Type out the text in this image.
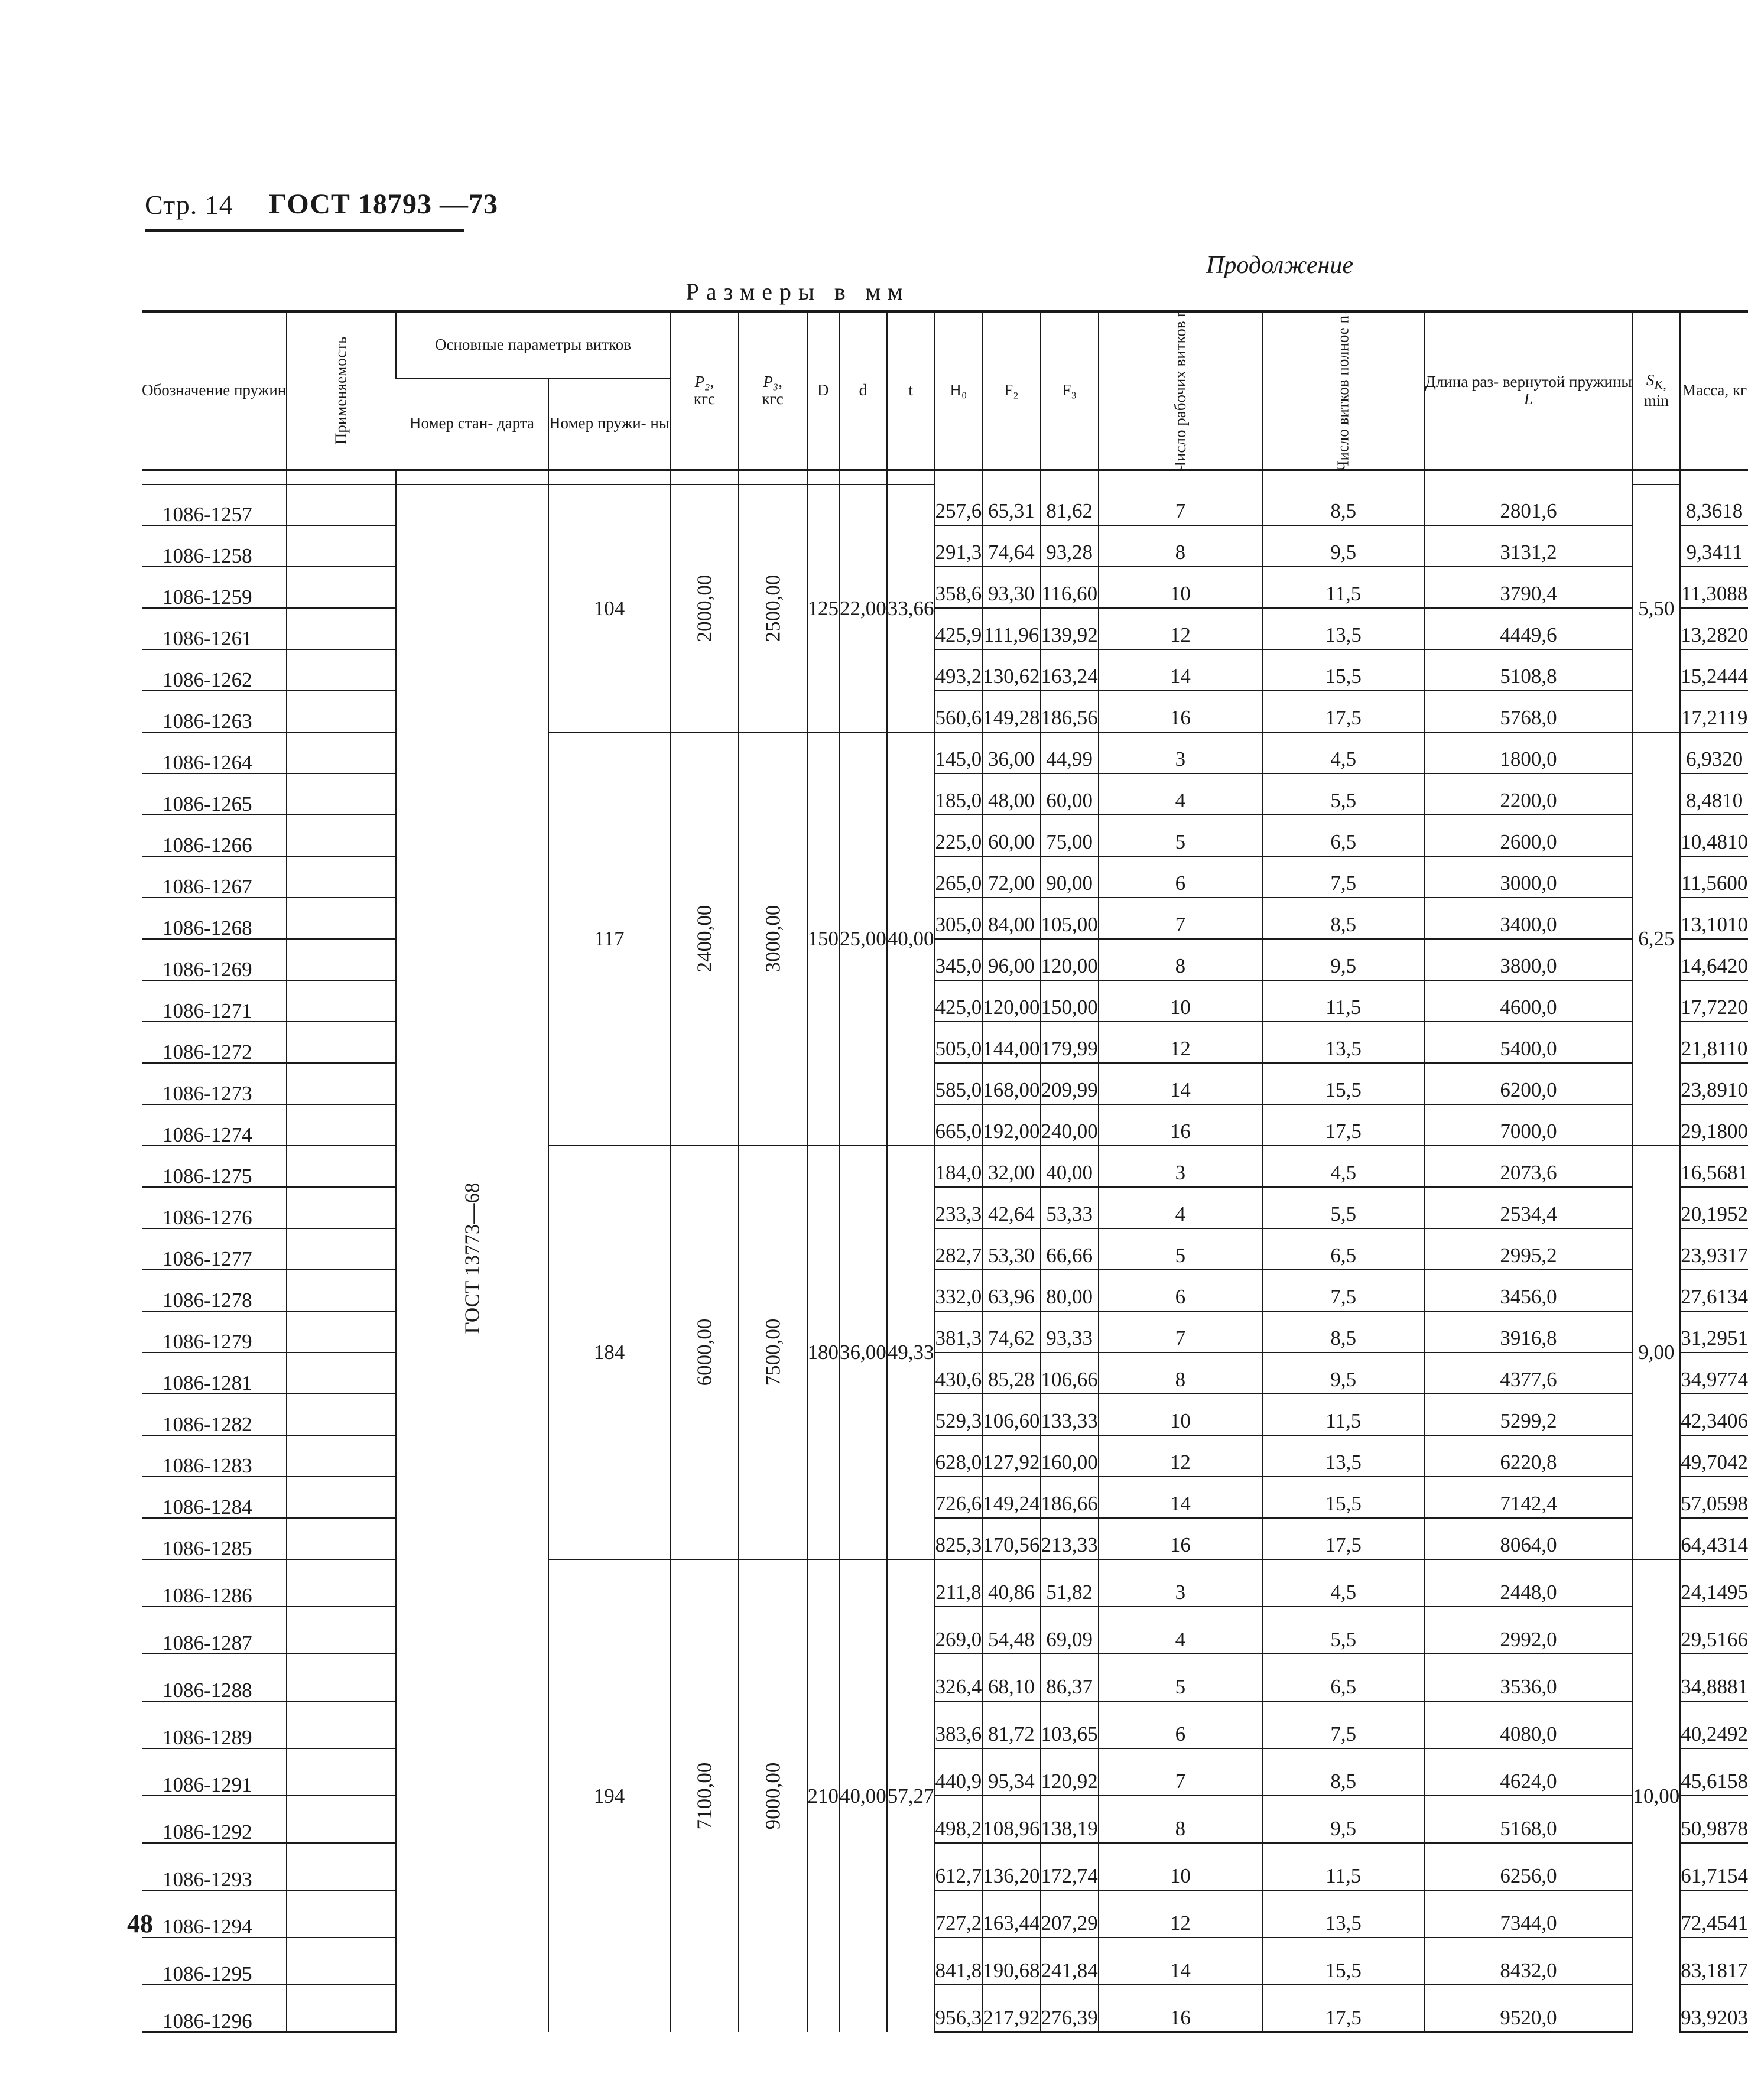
Стр. 14 ГОСТ 18793 —73
Продолжение
Размеры в мм
Обозначение пружин	Применяемость	Основные параметры витков		P₂,
кгс	P₃,
кгс	D	d	t	H₀	F₂	F₃	Число рабочих витков n	Число витков полное n₁	Длина раз- вернутой пружины
L	$S_{К,}$
min	Масса, кг
		Номер стан- дарта	Номер пружи- ны													

1086-1257		ГОСТ 13773—68	104	2000,00	2500,00	125	22,00	33,66	257,6	65,31	81,62	7	8,5	2801,6	5,50	8,3618
1086-1258									291,3	74,64	93,28	8	9,5	3131,2		9,3411
1086-1259									358,6	93,30	116,60	10	11,5	3790,4		11,3088
1086-1261									425,9	111,96	139,92	12	13,5	4449,6		13,2820
1086-1262									493,2	130,62	163,24	14	15,5	5108,8		15,2444
1086-1263									560,6	149,28	186,56	16	17,5	5768,0		17,2119
1086-1264			117	2400,00	3000,00	150	25,00	40,00	145,0	36,00	44,99	3	4,5	1800,0	6,25	6,9320
1086-1265									185,0	48,00	60,00	4	5,5	2200,0		8,4810
1086-1266									225,0	60,00	75,00	5	6,5	2600,0		10,4810
1086-1267									265,0	72,00	90,00	6	7,5	3000,0		11,5600
1086-1268									305,0	84,00	105,00	7	8,5	3400,0		13,1010
1086-1269									345,0	96,00	120,00	8	9,5	3800,0		14,6420
1086-1271									425,0	120,00	150,00	10	11,5	4600,0		17,7220
1086-1272									505,0	144,00	179,99	12	13,5	5400,0		21,8110
1086-1273									585,0	168,00	209,99	14	15,5	6200,0		23,8910
1086-1274									665,0	192,00	240,00	16	17,5	7000,0		29,1800
1086-1275			184	6000,00	7500,00	180	36,00	49,33	184,0	32,00	40,00	3	4,5	2073,6	9,00	16,5681
1086-1276									233,3	42,64	53,33	4	5,5	2534,4		20,1952
1086-1277									282,7	53,30	66,66	5	6,5	2995,2		23,9317
1086-1278									332,0	63,96	80,00	6	7,5	3456,0		27,6134
1086-1279									381,3	74,62	93,33	7	8,5	3916,8		31,2951
1086-1281									430,6	85,28	106,66	8	9,5	4377,6		34,9774
1086-1282									529,3	106,60	133,33	10	11,5	5299,2		42,3406
1086-1283									628,0	127,92	160,00	12	13,5	6220,8		49,7042
1086-1284									726,6	149,24	186,66	14	15,5	7142,4		57,0598
1086-1285									825,3	170,56	213,33	16	17,5	8064,0		64,4314
1086-1286			194	7100,00	9000,00	210	40,00	57,27	211,8	40,86	51,82	3	4,5	2448,0	10,00	24,1495
1086-1287									269,0	54,48	69,09	4	5,5	2992,0		29,5166
1086-1288									326,4	68,10	86,37	5	6,5	3536,0		34,8881
1086-1289									383,6	81,72	103,65	6	7,5	4080,0		40,2492
1086-1291									440,9	95,34	120,92	7	8,5	4624,0		45,6158
1086-1292									498,2	108,96	138,19	8	9,5	5168,0		50,9878
1086-1293									612,7	136,20	172,74	10	11,5	6256,0		61,7154
1086-1294									727,2	163,44	207,29	12	13,5	7344,0		72,4541
1086-1295									841,8	190,68	241,84	14	15,5	8432,0		83,1817
1086-1296									956,3	217,92	276,39	16	17,5	9520,0		93,9203
48
